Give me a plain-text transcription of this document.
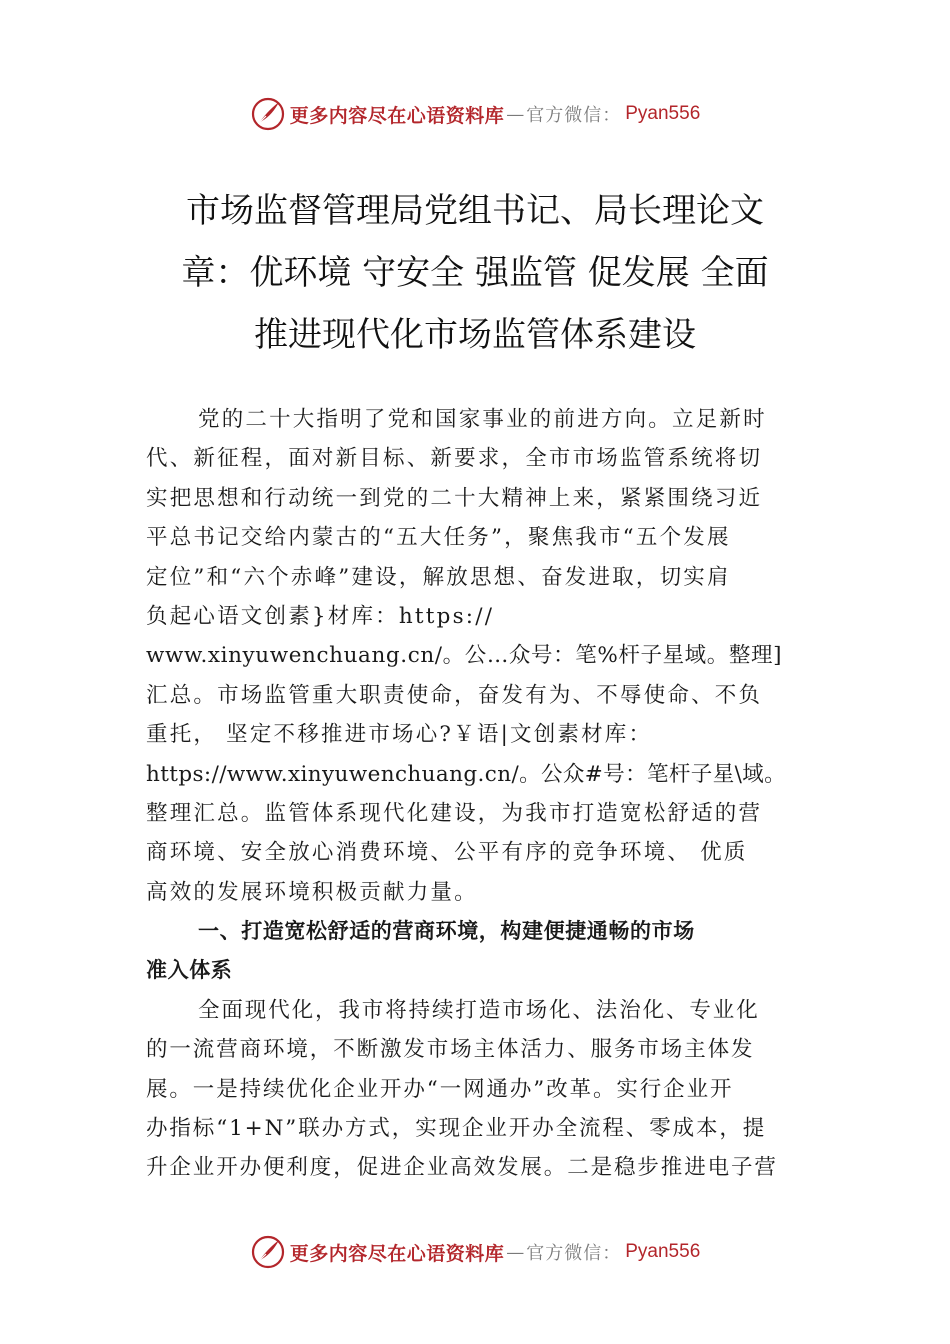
更多内容尽在心语资料库 — 官方微信： Pyan556
市场监督管理局党组书记、局长理论文
章：优环境 守安全 强监管 促发展 全面
推进现代化市场监管体系建设
党的二十大指明了党和国家事业的前进方向。立足新时
代、新征程，面对新目标、新要求，全市市场监管系统将切
实把思想和行动统一到党的二十大精神上来，紧紧围绕习近
平总书记交给内蒙古的“五大任务”，聚焦我市“五个发展
定位”和“六个赤峰”建设，解放思想、奋发进取，切实肩
负起心语文创素}材库：https://
www.xinyuwenchuang.cn/。公…众号：笔%杆子星域。整理]
汇总。市场监管重大职责使命，奋发有为、不辱使命、不负
重托， 坚定不移推进市场心?￥语|文创素材库：
https://www.xinyuwenchuang.cn/。公众#号：笔杆子星\域。
整理汇总。监管体系现代化建设，为我市打造宽松舒适的营
商环境、安全放心消费环境、公平有序的竞争环境、 优质
高效的发展环境积极贡献力量。
一、打造宽松舒适的营商环境，构建便捷通畅的市场
准入体系
全面现代化，我市将持续打造市场化、法治化、专业化
的一流营商环境，不断激发市场主体活力、服务市场主体发
展。一是持续优化企业开办“一网通办”改革。实行企业开
办指标“1+N”联办方式，实现企业开办全流程、零成本，提
升企业开办便利度，促进企业高效发展。二是稳步推进电子营
更多内容尽在心语资料库 — 官方微信： Pyan556
